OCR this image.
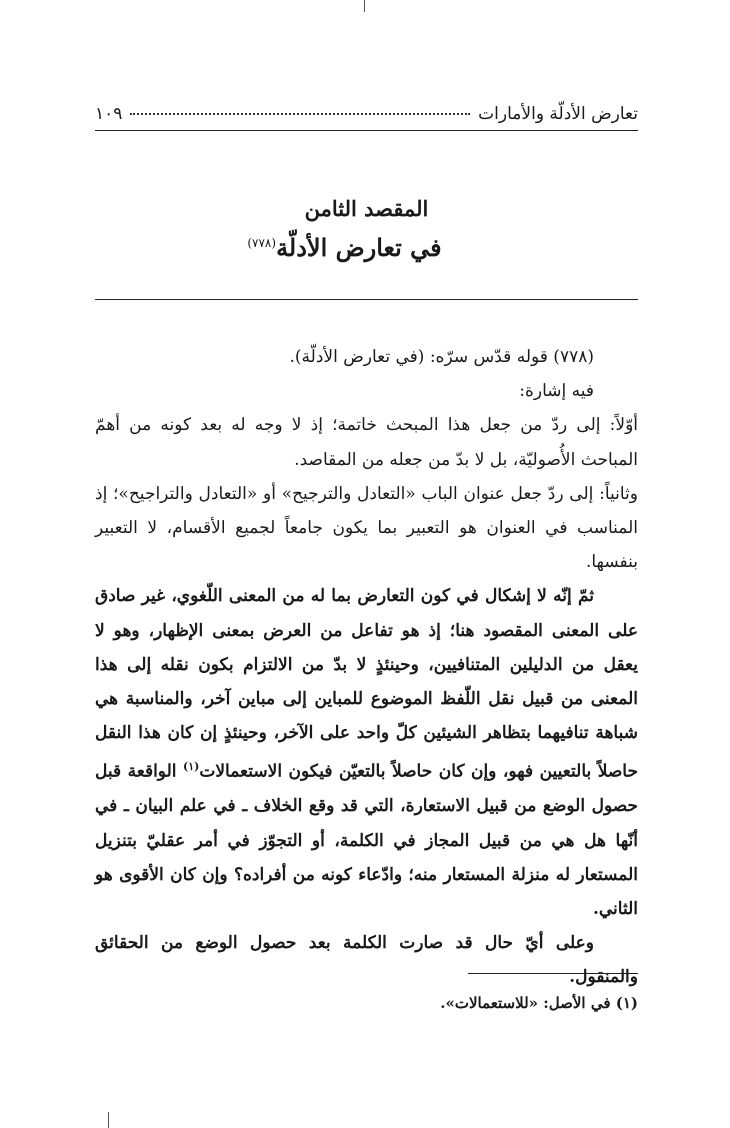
تعارض الأدلّة والأمارات
١٠٩

المقصد الثامن

في تعارض الأدلّة$^{(٧٧٨)}$

(٧٧٨) قوله قدّس سرّه: (في تعارض الأدلّة).

فيه إشارة:

أوّلاً: إلى ردّ من جعل هذا المبحث خاتمة؛ إذ لا وجه له بعد كونه من أهمّ المباحث الأُصوليّة، بل لا بدّ من جعله من المقاصد.

وثانياً: إلى ردّ جعل عنوان الباب «التعادل والترجيح» أو «التعادل والتراجيح»؛ إذ المناسب في العنوان هو التعبير بما يكون جامعاً لجميع الأقسام، لا التعبير بنفسها.

ثمّ إنّه لا إشكال في كون التعارض بما له من المعنى اللّغوي، غير صادق على المعنى المقصود هنا؛ إذ هو تفاعل من العرض بمعنى الإظهار، وهو لا يعقل من الدليلين المتنافيين، وحينئذٍ لا بدّ من الالتزام بكون نقله إلى هذا المعنى من قبيل نقل اللّفظ الموضوع للمباين إلى مباين آخر، والمناسبة هي شباهة تنافيهما بتظاهر الشيئين كلّ واحد على الآخر، وحينئذٍ إن كان هذا النقل حاصلاً بالتعيين فهو، وإن كان حاصلاً بالتعيّن فيكون الاستعمالات$^{(١)}$ الواقعة قبل حصول الوضع من قبيل الاستعارة، التي قد وقع الخلاف ـ في علم البيان ـ في أنّها هل هي من قبيل المجاز في الكلمة، أو التجوّز في أمر عقليّ بتنزيل المستعار له منزلة المستعار منه؛ وادّعاء كونه من أفراده؟ وإن كان الأقوى هو الثاني.

وعلى أيّ حال قد صارت الكلمة بعد حصول الوضع من الحقائق والمنقول.

(١) في الأصل: «للاستعمالات».
